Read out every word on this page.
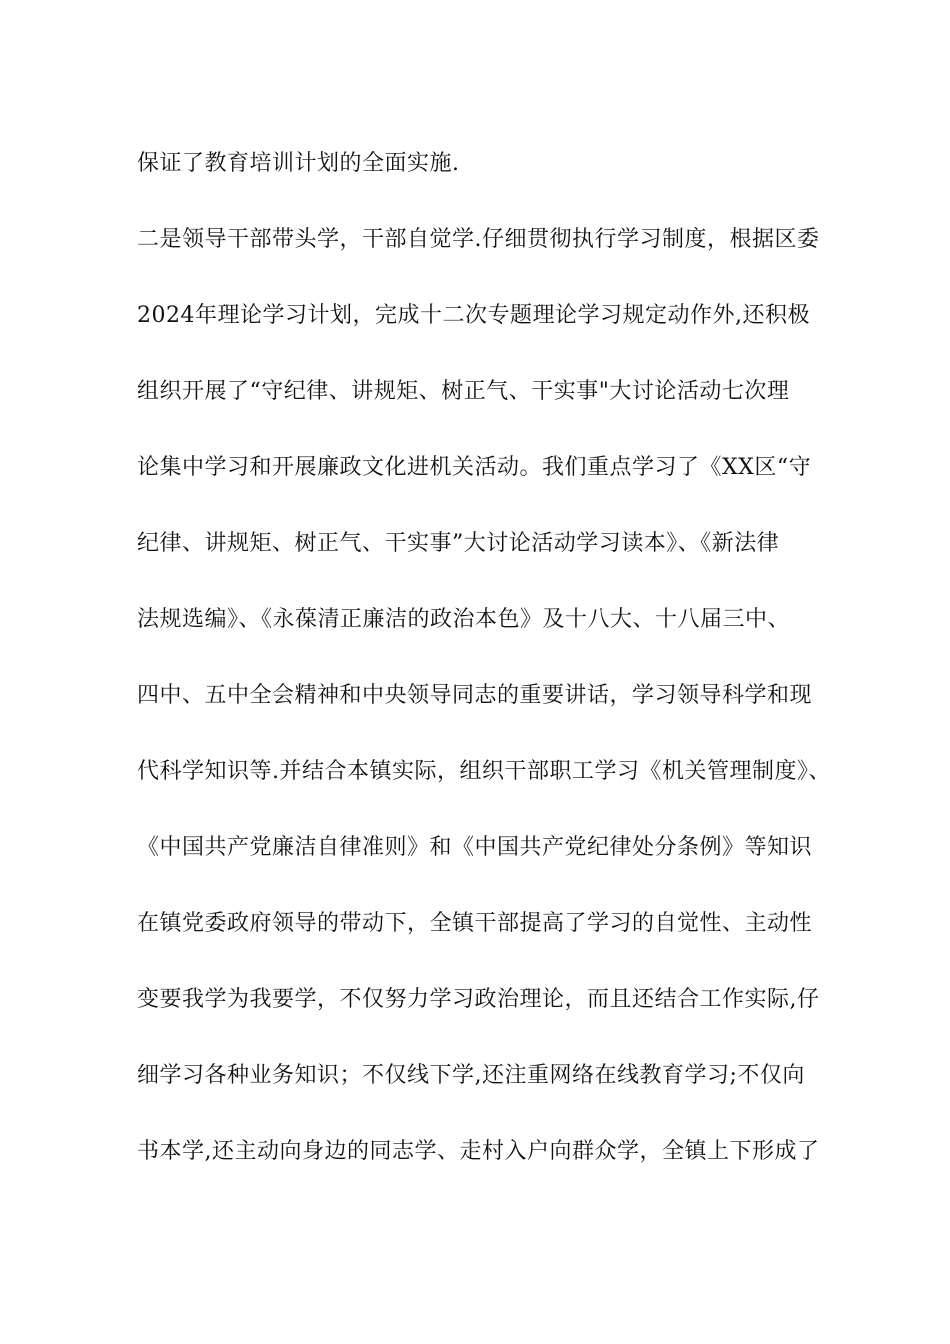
保证了教育培训计划的全面实施.
二是领导干部带头学，干部自觉学.仔细贯彻执行学习制度，根据区委
2024年理论学习计划，完成十二次专题理论学习规定动作外,还积极
组织开展了“守纪律、讲规矩、树正气、干实事"大讨论活动七次理
论集中学习和开展廉政文化进机关活动。我们重点学习了《XX区“守
纪律、讲规矩、树正气、干实事”大讨论活动学习读本》、《新法律
法规选编》、《永葆清正廉洁的政治本色》及十八大、十八届三中、
四中、五中全会精神和中央领导同志的重要讲话，学习领导科学和现
代科学知识等.并结合本镇实际，组织干部职工学习《机关管理制度》、
《中国共产党廉洁自律准则》和《中国共产党纪律处分条例》等知识
在镇党委政府领导的带动下，全镇干部提高了学习的自觉性、主动性
变要我学为我要学，不仅努力学习政治理论，而且还结合工作实际,仔
细学习各种业务知识；不仅线下学,还注重网络在线教育学习;不仅向
书本学,还主动向身边的同志学、走村入户向群众学，全镇上下形成了
